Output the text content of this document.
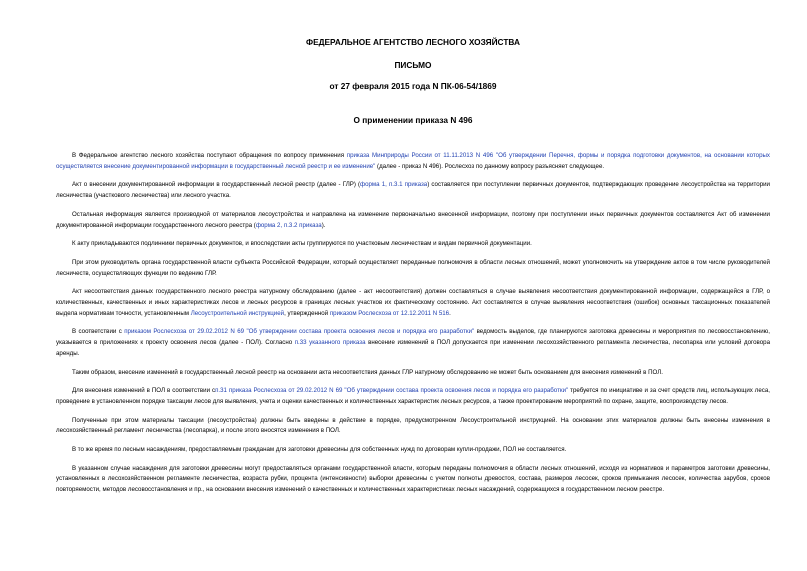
ФЕДЕРАЛЬНОЕ АГЕНТСТВО ЛЕСНОГО ХОЗЯЙСТВА
ПИСЬМО
от 27 февраля 2015 года N ПК-06-54/1869
О применении приказа N 496

В Федеральное агентство лесного хозяйства поступают обращения по вопросу применения приказа Минприроды России от 11.11.2013 N 496 "Об утверждении Перечня, формы и порядка подготовки документов, на основании которых осуществляется внесение документированной информации в государственный лесной реестр и ее изменение" (далее - приказ N 496). Рослесхоз по данному вопросу разъясняет следующее.

Акт о внесении документированной информации в государственный лесной реестр (далее - ГЛР) (форма 1, п.3.1 приказа) составляется при поступлении первичных документов, подтверждающих проведение лесоустройства на территории лесничества (участкового лесничества) или лесного участка.

Остальная информация является производной от материалов лесоустройства и направлена на изменение первоначально внесенной информации, поэтому при поступлении иных первичных документов составляется Акт об изменении документированной информации государственного лесного реестра (форма 2, п.3.2 приказа).

К акту прикладываются подлинники первичных документов, и впоследствии акты группируются по участковым лесничествам и видам первичной документации.

При этом руководитель органа государственной власти субъекта Российской Федерации, который осуществляет переданные полномочия в области лесных отношений, может уполномочить на утверждение актов в том числе руководителей лесничеств, осуществляющих функции по ведению ГЛР.

Акт несоответствия данных государственного лесного реестра натурному обследованию (далее - акт несоответствия) должен составляться в случае выявления несоответствия документированной информации, содержащейся в ГЛР, о количественных, качественных и иных характеристиках лесов и лесных ресурсов в границах лесных участков их фактическому состоянию. Акт составляется в случае выявления несоответствия (ошибок) основных таксационных показателей выдела нормативам точности, установленным Лесоустроительной инструкцией, утвержденной приказом Рослесхоза от 12.12.2011 N 516.

В соответствии с приказом Рослесхоза от 29.02.2012 N 69 "Об утверждении состава проекта освоения лесов и порядка его разработки" ведомость выделов, где планируются заготовка древесины и мероприятия по лесовосстановлению, указывается в приложениях к проекту освоения лесов (далее - ПОЛ). Согласно п.33 указанного приказа внесение изменений в ПОЛ допускается при изменении лесохозяйственного регламента лесничества, лесопарка или условий договора аренды.

Таким образом, внесение изменений в государственный лесной реестр на основании акта несоответствия данных ГЛР натурному обследованию не может быть основанием для внесения изменений в ПОЛ.

Для внесения изменений в ПОЛ в соответствии сп.31 приказа Рослесхоза от 29.02.2012 N 69 "Об утверждении состава проекта освоения лесов и порядка его разработки" требуется по инициативе и за счет средств лиц, использующих леса, проведение в установленном порядке таксации лесов для выявления, учета и оценки качественных и количественных характеристик лесных ресурсов, а также проектирование мероприятий по охране, защите, воспроизводству лесов.

Полученные при этом материалы таксации (лесоустройства) должны быть введены в действие в порядке, предусмотренном Лесоустроительной инструкцией. На основании этих материалов должны быть внесены изменения в лесохозяйственный регламент лесничества (лесопарка), и после этого вносятся изменения в ПОЛ.

В то же время по лесным насаждениям, предоставляемым гражданам для заготовки древесины для собственных нужд по договорам купли-продажи, ПОЛ не составляется.

В указанном случае насаждения для заготовки древесины могут предоставляться органами государственной власти, которым переданы полномочия в области лесных отношений, исходя из нормативов и параметров заготовки древесины, установленных в лесохозяйственном регламенте лесничества, возраста рубки, процента (интенсивности) выборки древесины с учетом полноты древостоя, состава, размеров лесосек, сроков примыкания лесосек, количества зарубов, сроков повторяемости, методов лесовосстановления и пр., на основании внесения изменений о качественных и количественных характеристиках лесных насаждений, содержащихся в государственном лесном реестре.
